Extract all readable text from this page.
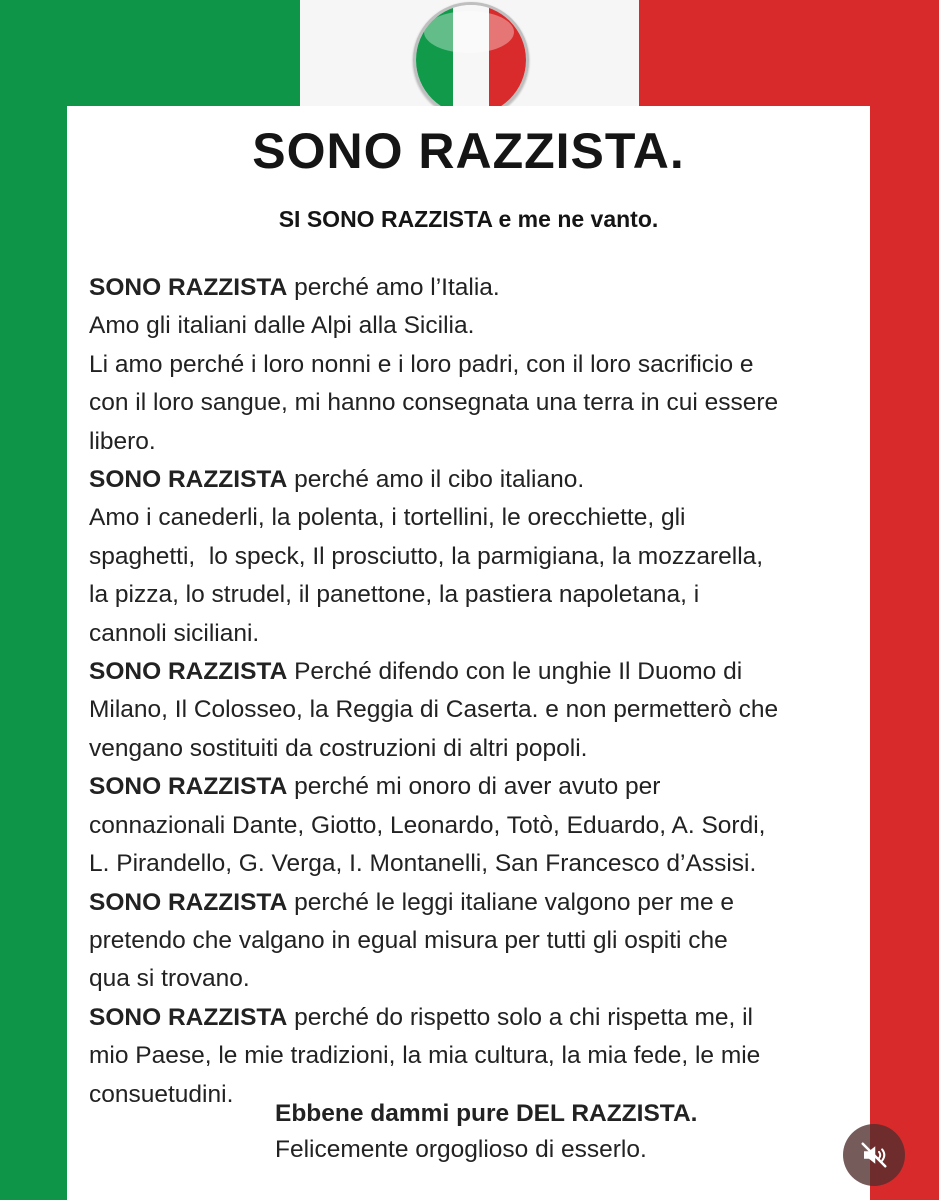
SONO RAZZISTA.
SI SONO RAZZISTA e me ne vanto.

SONO RAZZISTA perché amo l’Italia.
Amo gli italiani dalle Alpi alla Sicilia.
Li amo perché i loro nonni e i loro padri, con il loro sacrificio e
con il loro sangue, mi hanno consegnata una terra in cui essere
libero.

SONO RAZZISTA perché amo il cibo italiano.
Amo i canederli, la polenta, i tortellini, le orecchiette, gli
spaghetti,  lo speck, Il prosciutto, la parmigiana, la mozzarella,
la pizza, lo strudel, il panettone, la pastiera napoletana, i
cannoli siciliani.

SONO RAZZISTA Perché difendo con le unghie Il Duomo di
Milano, Il Colosseo, la Reggia di Caserta. e non permetterò che
vengano sostituiti da costruzioni di altri popoli.

SONO RAZZISTA perché mi onoro di aver avuto per
connazionali Dante, Giotto, Leonardo, Totò, Eduardo, A. Sordi,
L. Pirandello, G. Verga, I. Montanelli, San Francesco d’Assisi.

SONO RAZZISTA perché le leggi italiane valgono per me e
pretendo che valgano in egual misura per tutti gli ospiti che
qua si trovano.

SONO RAZZISTA perché do rispetto solo a chi rispetta me, il
mio Paese, le mie tradizioni, la mia cultura, la mia fede, le mie
consuetudini.

Ebbene dammi pure DEL RAZZISTA.
Felicemente orgoglioso di esserlo.
